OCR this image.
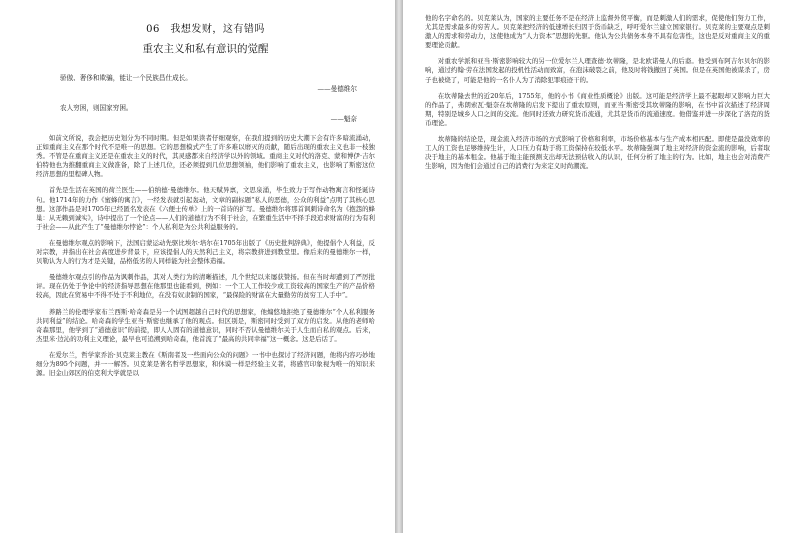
06　我想发财，这有错吗
重农主义和私有意识的觉醒
骄傲、奢侈和欺骗，能让一个民族昌仕成长。
——曼德维尔
农人穷困，则国家穷困。
——魁奈

如前文所说，我会把历史划分为不同时期。但是如果读者仔细观察，在我们提到的历史大潮下会有许多暗流涌动，正如重商主义在那个时代不是唯一的思想。它的思想模式产生了许多难以磨灭的贡献，随后出现的重农主义也非一枝独秀。不管是在重商主义还是在重农主义的时代，其灵感都来自经济学以外的领域。重商主义对代的洛克、蒙和博伊·吉尔伯特他也为推翻重商主义做准备，除了上述几位，还必须提到几位思想领袖，他们影响了重农主义，也影响了斯密这位经济思想的里程碑人物。

首先是生活在英国的荷兰医生——伯纳德·曼德维尔。他天赋异禀，文思泉涌，毕生致力于写作动物寓言和怪诞诗句。他1714年的力作《蜜蜂的寓言》，一经发表就引起轰动，文章的副标题“私人的恶德，公众的利益”点明了其核心思想。这部作品是对1705年已经匿名发表在《六便士传单》上的一首诗的扩写。曼德维尔将那首讽刺诗命名为《抱怨的蜂巢：从无赖到诚实》，诗中提出了一个论点——人们的道德行为不利于社会，在繁重生活中不择手段追求财富的行为有利于社会——从此产生了“曼德维尔悖论”：个人私利是为公共利益服务的。

在曼德维尔观点的影响下，法国启蒙运动先驱比埃尔·培尔在1705年出版了《历史批判辞典》，他提倡个人利益，反对宗教，并指出在社会高度进步背景下，应该提倡人的天然利己主义，将宗教挤进到教堂里。像后来的曼德维尔一样，贝勒认为人的行为才是关键，品格低劣的人同样能为社会整体造福。

曼德维尔观点引的作品为讽刺作品，其对人类行为的清晰描述，几个世纪以来屡获赞扬。但在当时却遭到了严厉批评。现在仍处于争论中的经济指导思想在他那里也能看到，例如：一个工人工作较少或工资较高的国家生产的产品价格较高，因此在贸易中不得不处于不利地位，在没有奴隶制的国家，“最保险的财富在大量勤劳的贫穷工人手中”。

养路兰的伦理学家布兰西斯·哈奇森是另一个试图超越自己时代的思想家，他煽悠地拒绝了曼德维尔“个人私利服务共同利益”的结论。哈奇森的学生亚当·斯密也继承了他的观点。但区别是，斯密同时受到了双方的启发。从他的老师哈奇森那里，他学到了“道德意识”的前提，即人人固有的道德意识，同时不否认曼德维尔关于人生而自私的观点。后来，杰里米·边沁的功利主义理论，最早也可追溯到哈奇森，他首流了“最高的共同幸福”这一概念。这是后话了。

在爱尔兰，哲学家乔治·贝克莱主教在《斯南者及一些面向公众的问题》一书中也探讨了经济问题，他将内容巧妙地细分为895个问题，并一一解答。贝克莱是著名哲学思想家，和休谟一样是经验主义者，将感官印象视为唯一的知识来源。旧金山郊区的伯克利大学就是以

他的名字命名的。贝克莱认为，国家的主要任务不是在经济上监督外贸平衡，而是刺激人们的需求，促使他们努力工作，尤其是需求最多的穷苦人。贝克莱把经济的低速增长归因于货币缺乏，呼吁爱尔兰建立国家银行。贝克莱的主要观点是刺激人的需求和劳动力，这使他成为“人力资本”思想的先驱。他认为公共债务本身不具有危害性，这也是反对重商主义的重要理论贡献。

对重农学派和亚当·斯密影响较大的另一位爱尔兰人理查德·坎蒂隆，是北欧诺曼人的后裔。他受到布阿吉尔贝尔的影响，通过约翰·劳在法国发起的投机性活动而致富，在泡沫破裂之前，他及时将钱撤回了英国。但是在英国他被谋杀了，房子也被烧了，可能是他的一名仆人为了消除犯罪痕迹干的。

在坎蒂隆去世的近20年后，1755年，他的小书《商业性质概论》出版。这可能是经济学上最不起眼却又影响力巨大的作品了，弗朗索瓦·魁奈在坎蒂隆的启发下提出了重农原则，而亚当·斯密受其坎蒂隆的影响，在书中首次描述了经济周期，特别是城乡人口之间的交流。他同时还致力研究货币流通，尤其是货币的流通速度。他借鉴并进一步深化了洛克的货币理论。

坎蒂隆的结论是，现金流入经济市场的方式影响了价格和利率，市场价格基本与生产成本相匹配。即使是最没效率的工人的工资也足够维持生计，人口压力有助于将工资保持在较低水平。坎蒂隆强调了地主对经济的资金流的影响，后者取决于地主的基本租金。他基于地主能预测支出却无法预估收入的认识，任何分析了地主的行为。比如，地主也会对消费产生影响，因为他们会通过自己的消费行为来定义时尚潮流。
